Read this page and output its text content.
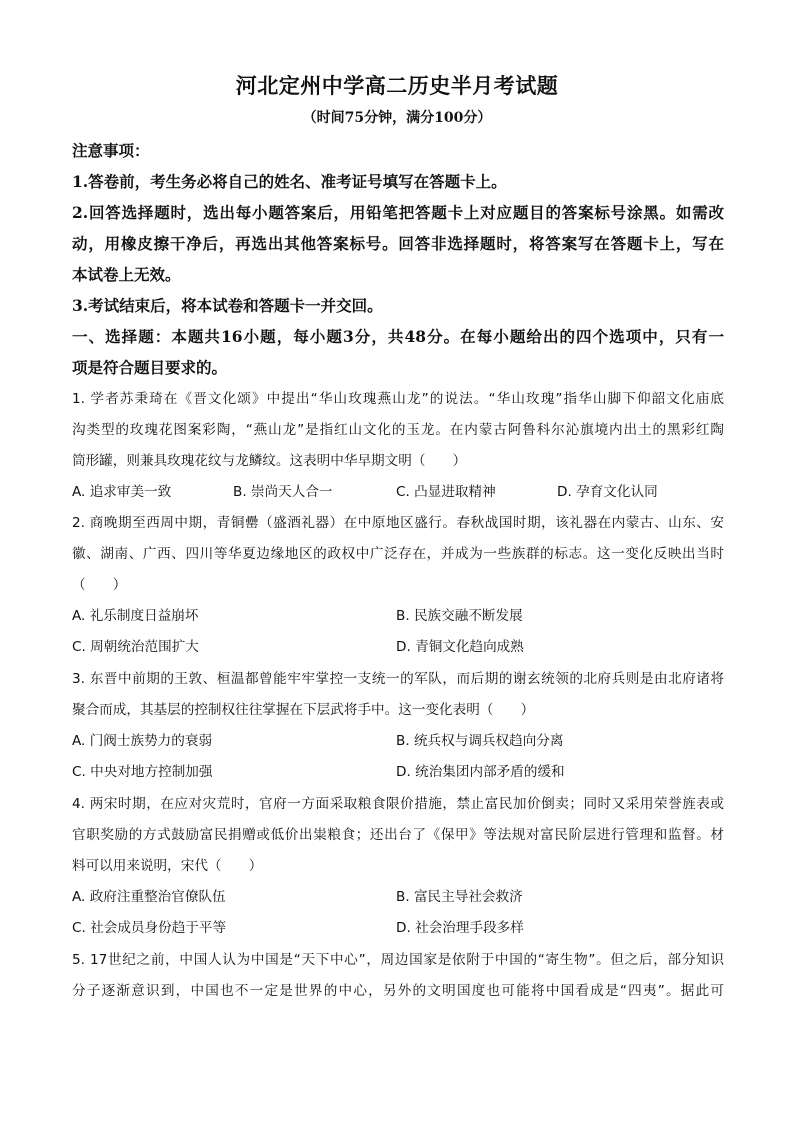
河北定州中学高二历史半月考试题
（时间75分钟，满分100分）
注意事项：
1.答卷前，考生务必将自己的姓名、准考证号填写在答题卡上。
2.回答选择题时，选出每小题答案后，用铅笔把答题卡上对应题目的答案标号涂黑。如需改
动，用橡皮擦干净后，再选出其他答案标号。回答非选择题时，将答案写在答题卡上，写在
本试卷上无效。
3.考试结束后，将本试卷和答题卡一并交回。
一、选择题：本题共16小题，每小题3分，共48分。在每小题给出的四个选项中，只有一
项是符合题目要求的。
1. 学者苏秉琦在《晋文化颂》中提出“华山玫瑰燕山龙”的说法。“华山玫瑰”指华山脚下仰韶文化庙底
沟类型的玫瑰花图案彩陶，“燕山龙”是指红山文化的玉龙。在内蒙古阿鲁科尔沁旗境内出土的黑彩红陶
筒形罐，则兼具玫瑰花纹与龙鳞纹。这表明中华早期文明（　　）
A. 追求审美一致	B. 崇尚天人合一	C. 凸显进取精神	D. 孕育文化认同
2. 商晚期至西周中期，青铜罍（盛酒礼器）在中原地区盛行。春秋战国时期，该礼器在内蒙古、山东、安
徽、湖南、广西、四川等华夏边缘地区的政权中广泛存在，并成为一些族群的标志。这一变化反映出当时
（　　）
A. 礼乐制度日益崩坏	B. 民族交融不断发展
C. 周朝统治范围扩大	D. 青铜文化趋向成熟
3. 东晋中前期的王敦、桓温都曾能牢牢掌控一支统一的军队，而后期的谢玄统领的北府兵则是由北府诸将
聚合而成，其基层的控制权往往掌握在下层武将手中。这一变化表明（　　）
A. 门阀士族势力的衰弱	B. 统兵权与调兵权趋向分离
C. 中央对地方控制加强	D. 统治集团内部矛盾的缓和
4. 两宋时期，在应对灾荒时，官府一方面采取粮食限价措施，禁止富民加价倒卖；同时又采用荣誉旌表或
官职奖励的方式鼓励富民捐赠或低价出粜粮食；还出台了《保甲》等法规对富民阶层进行管理和监督。材
料可以用来说明，宋代（　　）
A. 政府注重整治官僚队伍	B. 富民主导社会救济
C. 社会成员身份趋于平等	D. 社会治理手段多样
5. 17世纪之前，中国人认为中国是“天下中心”，周边国家是依附于中国的“寄生物”。但之后，部分知识
分子逐渐意识到，中国也不一定是世界的中心，另外的文明国度也可能将中国看成是“四夷”。据此可
